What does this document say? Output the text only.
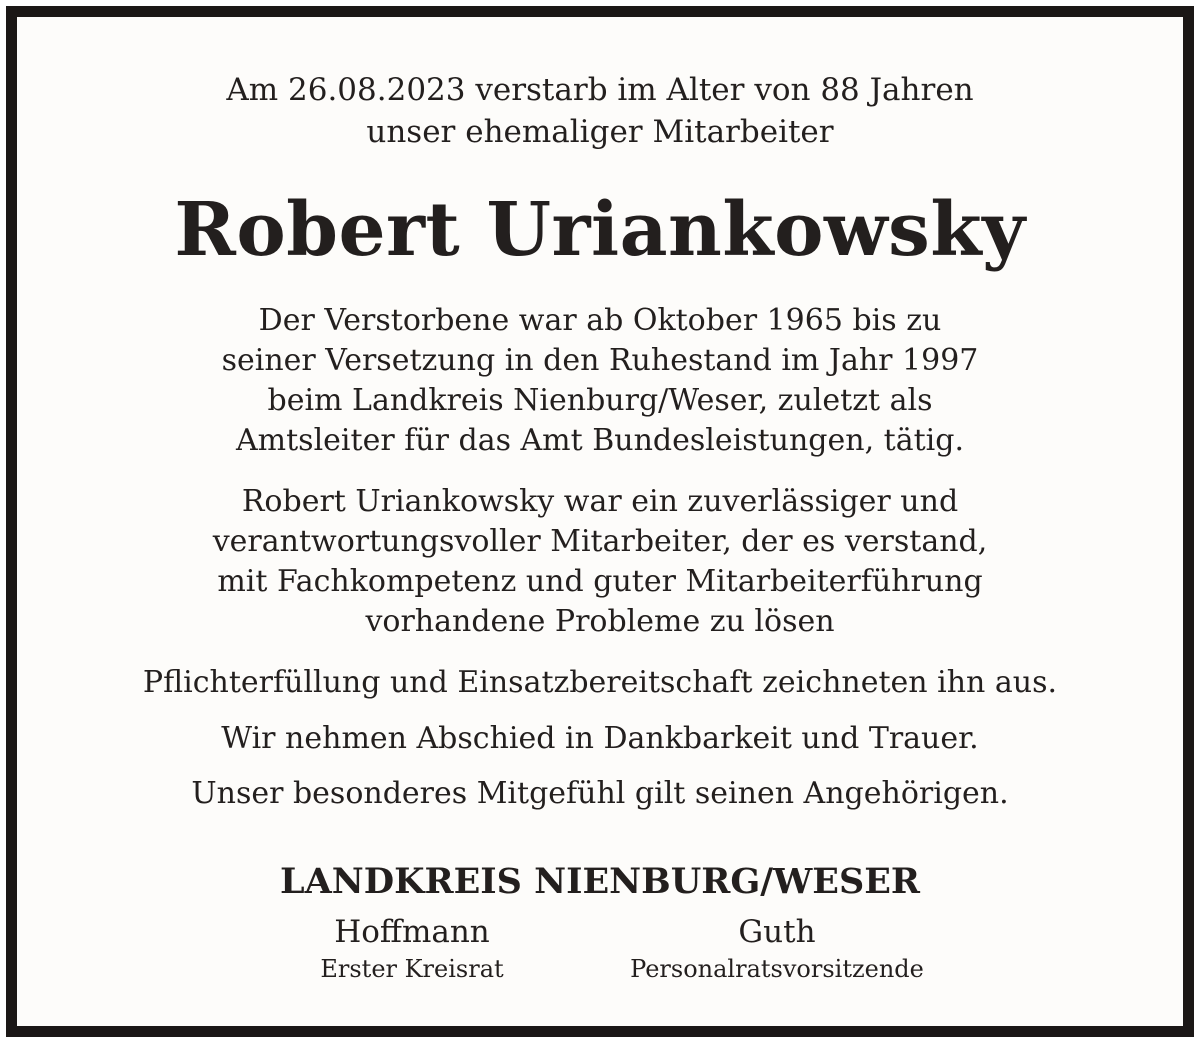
Am 26.08.2023 verstarb im Alter von 88 Jahren
unser ehemaliger Mitarbeiter

Robert Uriankowsky

Der Verstorbene war ab Oktober 1965 bis zu
seiner Versetzung in den Ruhestand im Jahr 1997
beim Landkreis Nienburg/Weser, zuletzt als
Amtsleiter für das Amt Bundesleistungen, tätig.

Robert Uriankowsky war ein zuverlässiger und
verantwortungsvoller Mitarbeiter, der es verstand,
mit Fachkompetenz und guter Mitarbeiterführung
vorhandene Probleme zu lösen

Pflichterfüllung und Einsatzbereitschaft zeichneten ihn aus.

Wir nehmen Abschied in Dankbarkeit und Trauer.

Unser besonderes Mitgefühl gilt seinen Angehörigen.

LANDKREIS NIENBURG/WESER
Hoffmann
Erster Kreisrat
Guth
Personalratsvorsitzende
